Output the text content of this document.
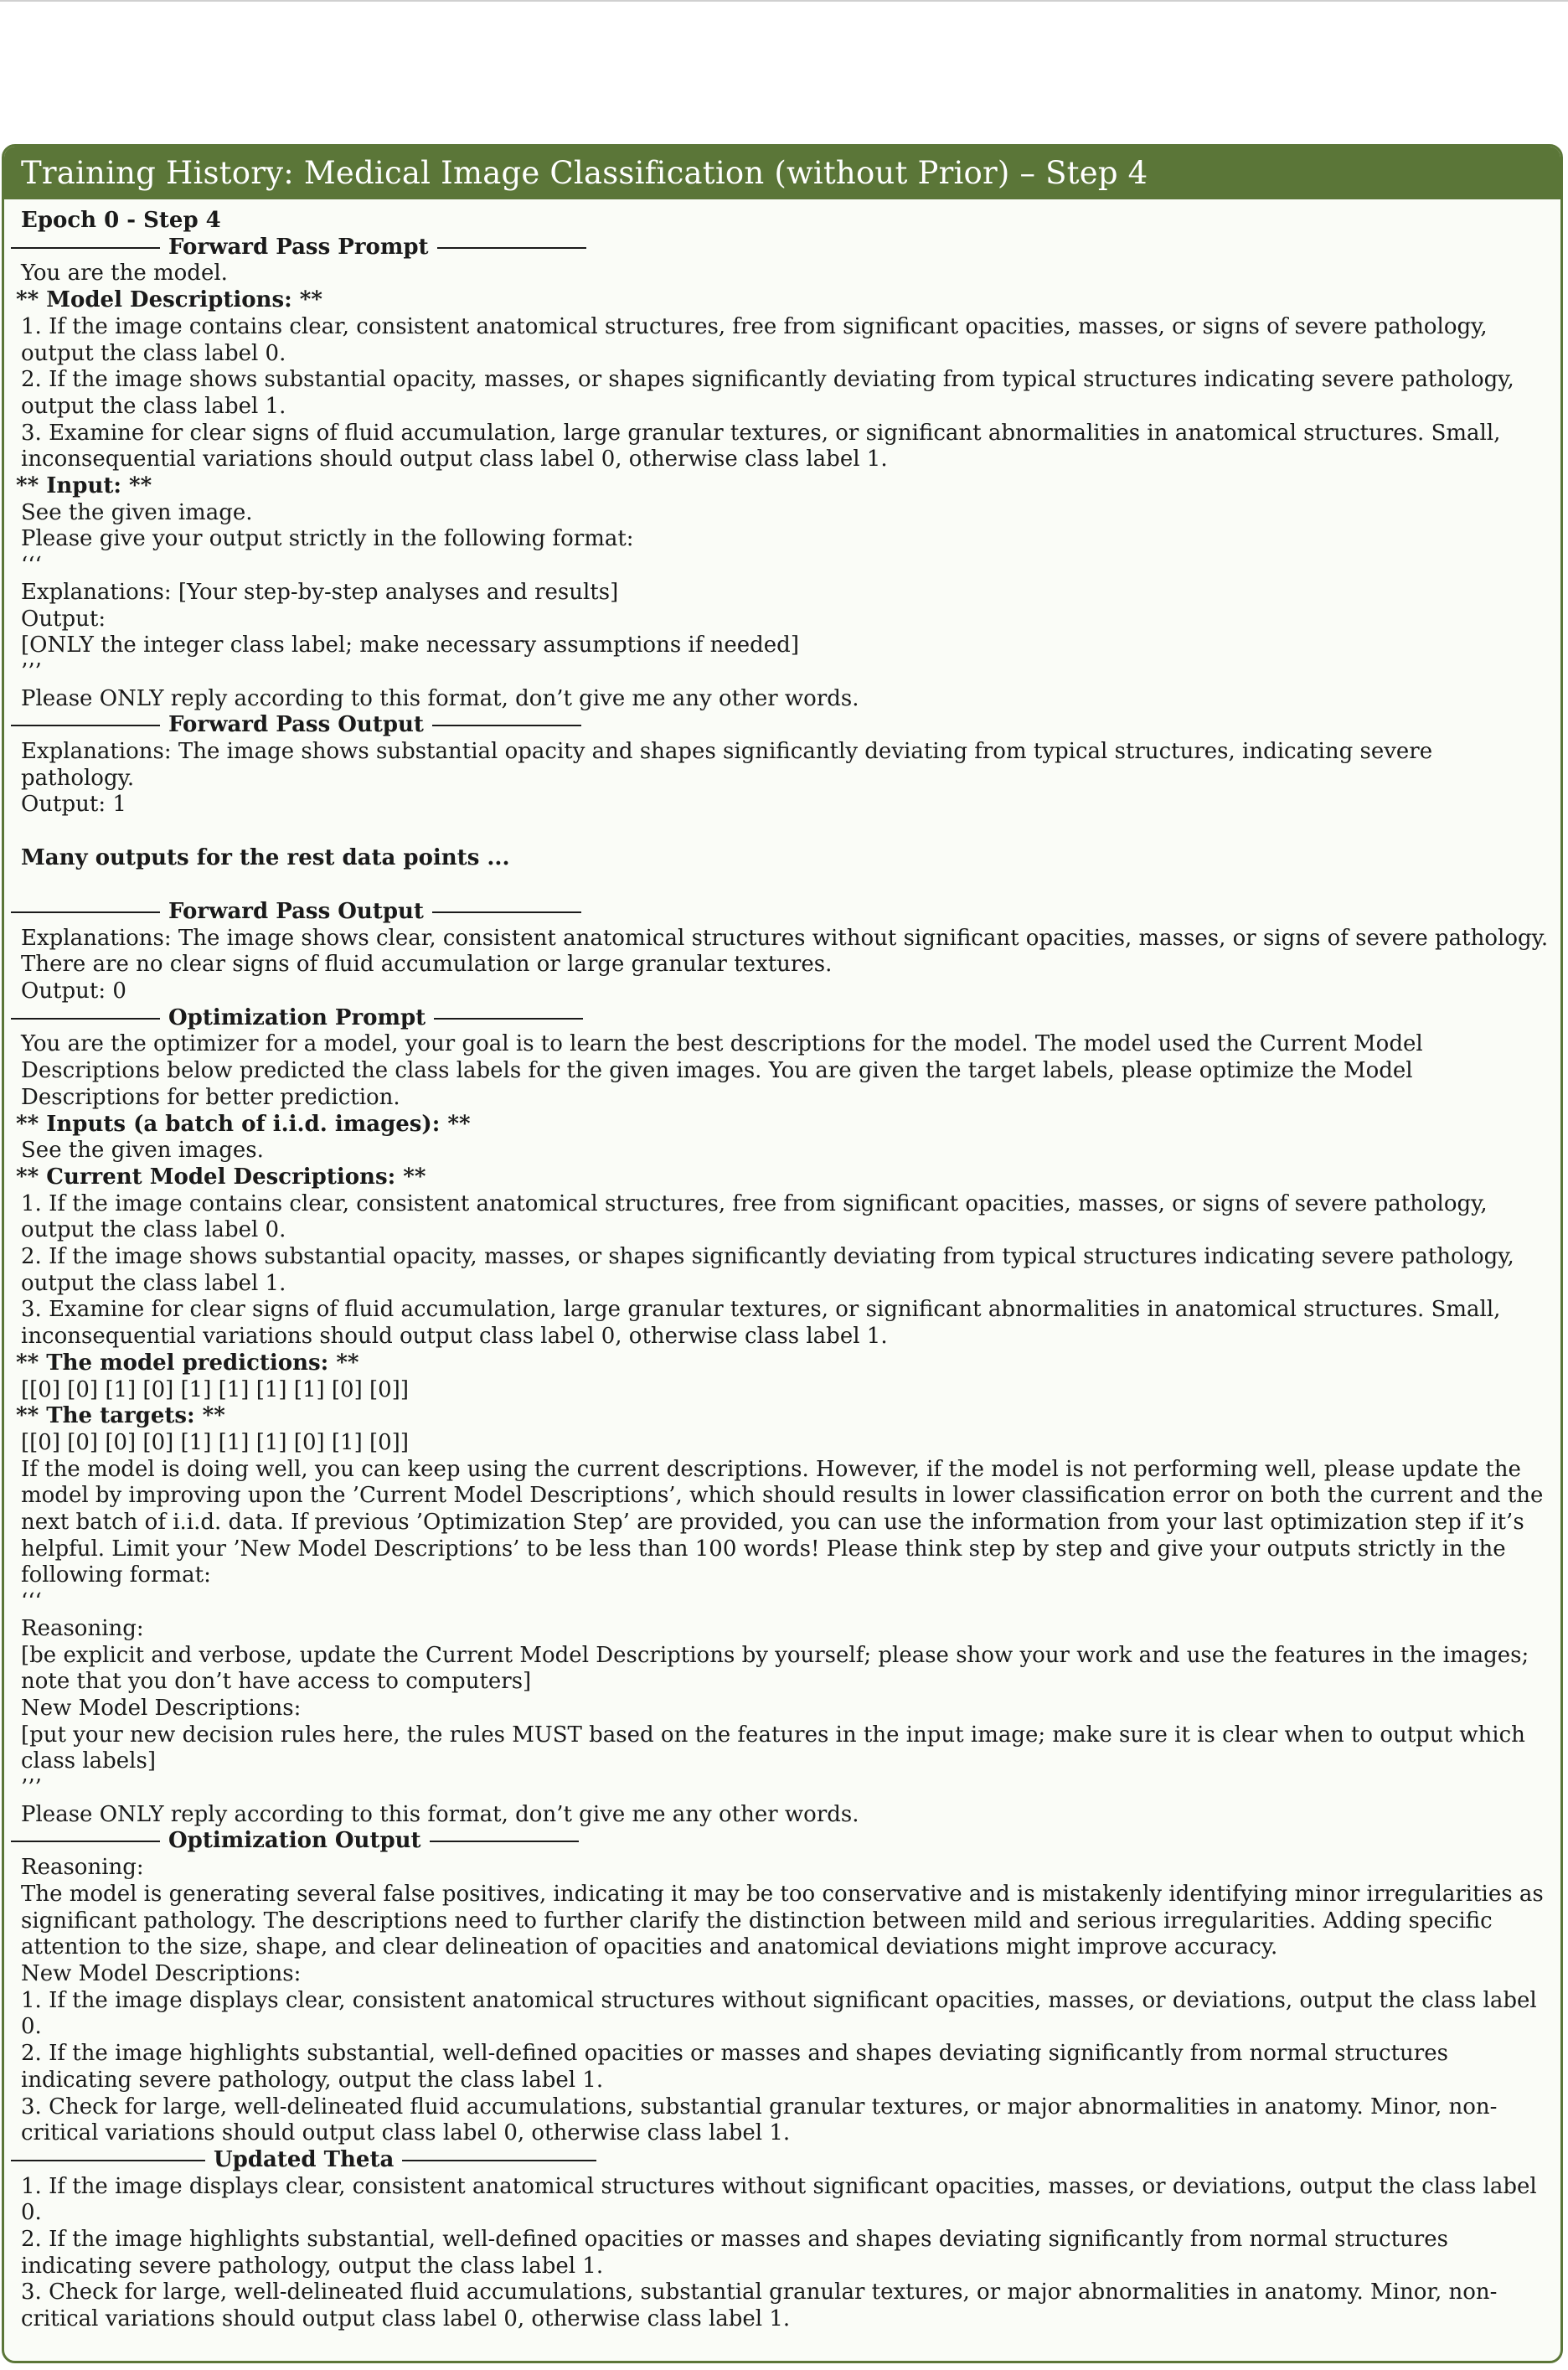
Training History: Medical Image Classification (without Prior) – Step 4

Epoch 0 - Step 4

Forward Pass Prompt

You are the model.

** Model Descriptions: **

1. If the image contains clear, consistent anatomical structures, free from significant opacities, masses, or signs of severe pathology, output the class label 0.

2. If the image shows substantial opacity, masses, or shapes significantly deviating from typical structures indicating severe pathology, output the class label 1.

3. Examine for clear signs of fluid accumulation, large granular textures, or significant abnormalities in anatomical structures. Small, inconsequential variations should output class label 0, otherwise class label 1.

** Input: **

See the given image.

Please give your output strictly in the following format:

‘‘‘

Explanations: [Your step-by-step analyses and results]

Output:

[ONLY the integer class label; make necessary assumptions if needed]

’’’

Please ONLY reply according to this format, don’t give me any other words.

Forward Pass Output

Explanations: The image shows substantial opacity and shapes significantly deviating from typical structures, indicating severe pathology.

Output: 1

Many outputs for the rest data points ...

Forward Pass Output

Explanations: The image shows clear, consistent anatomical structures without significant opacities, masses, or signs of severe pathology. There are no clear signs of fluid accumulation or large granular textures.

Output: 0

Optimization Prompt

You are the optimizer for a model, your goal is to learn the best descriptions for the model. The model used the Current Model Descriptions below predicted the class labels for the given images. You are given the target labels, please optimize the Model Descriptions for better prediction.

** Inputs (a batch of i.i.d. images): **

See the given images.

** Current Model Descriptions: **

1. If the image contains clear, consistent anatomical structures, free from significant opacities, masses, or signs of severe pathology, output the class label 0.

2. If the image shows substantial opacity, masses, or shapes significantly deviating from typical structures indicating severe pathology, output the class label 1.

3. Examine for clear signs of fluid accumulation, large granular textures, or significant abnormalities in anatomical structures. Small, inconsequential variations should output class label 0, otherwise class label 1.

** The model predictions: **

[[0] [0] [1] [0] [1] [1] [1] [1] [0] [0]]

** The targets: **

[[0] [0] [0] [0] [1] [1] [1] [0] [1] [0]]

If the model is doing well, you can keep using the current descriptions. However, if the model is not performing well, please update the model by improving upon the ’Current Model Descriptions’, which should results in lower classification error on both the current and the next batch of i.i.d. data. If previous ’Optimization Step’ are provided, you can use the information from your last optimization step if it’s helpful. Limit your ’New Model Descriptions’ to be less than 100 words! Please think step by step and give your outputs strictly in the following format:

‘‘‘

Reasoning:

[be explicit and verbose, update the Current Model Descriptions by yourself; please show your work and use the features in the images; note that you don’t have access to computers]

New Model Descriptions:

[put your new decision rules here, the rules MUST based on the features in the input image; make sure it is clear when to output which class labels]

’’’

Please ONLY reply according to this format, don’t give me any other words.

Optimization Output

Reasoning:

The model is generating several false positives, indicating it may be too conservative and is mistakenly identifying minor irregularities as significant pathology. The descriptions need to further clarify the distinction between mild and serious irregularities. Adding specific attention to the size, shape, and clear delineation of opacities and anatomical deviations might improve accuracy.

New Model Descriptions:

1. If the image displays clear, consistent anatomical structures without significant opacities, masses, or deviations, output the class label 0.

2. If the image highlights substantial, well-defined opacities or masses and shapes deviating significantly from normal structures indicating severe pathology, output the class label 1.

3. Check for large, well-delineated fluid accumulations, substantial granular textures, or major abnormalities in anatomy. Minor, non-critical variations should output class label 0, otherwise class label 1.

Updated Theta

1. If the image displays clear, consistent anatomical structures without significant opacities, masses, or deviations, output the class label 0.

2. If the image highlights substantial, well-defined opacities or masses and shapes deviating significantly from normal structures indicating severe pathology, output the class label 1.

3. Check for large, well-delineated fluid accumulations, substantial granular textures, or major abnormalities in anatomy. Minor, non-critical variations should output class label 0, otherwise class label 1.
